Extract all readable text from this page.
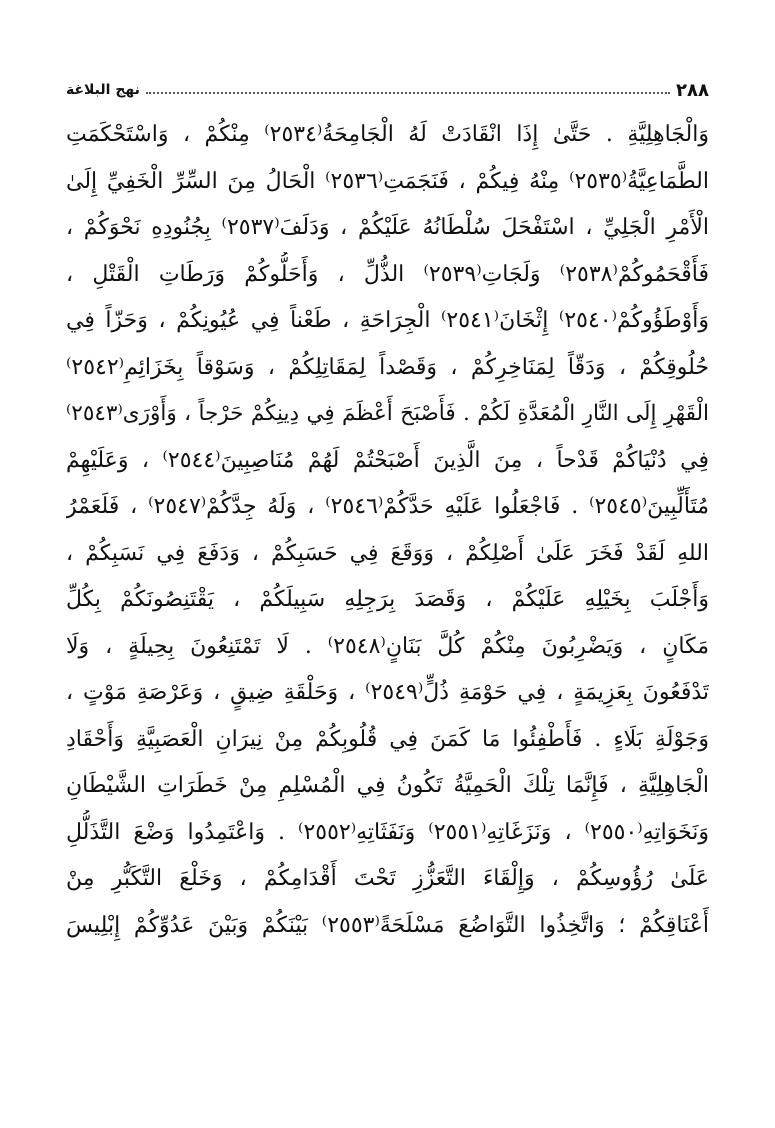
نهج البلاغة	٢٨٨
وَالْجَاهِلِيَّةِ . حَتَّىٰ إِذَا انْقَادَتْ لَهُ الْجَامِحَةُ⁽٢٥٣٤⁾ مِنْكُمْ ، وَاسْتَحْكَمَتِ
الطَّمَاعِيَّةُ⁽٢٥٣٥⁾ مِنْهُ فِيكُمْ ، فَنَجَمَتِ⁽٢٥٣٦⁾ الْحَالُ مِنَ السِّرِّ الْخَفِيِّ إِلَىٰ
الْأَمْرِ الْجَلِيِّ ، اسْتَفْحَلَ سُلْطَانُهُ عَلَيْكُمْ ، وَدَلَفَ⁽٢٥٣٧⁾ بِجُنُودِهِ نَحْوَكُمْ ،
فَأَقْحَمُوكُمْ⁽٢٥٣٨⁾ وَلَجَاتِ⁽٢٥٣٩⁾ الذُّلِّ ، وَأَحَلُّوكُمْ وَرَطَاتِ الْقَتْلِ ،
وَأَوْطَؤُوكُمْ⁽٢٥٤٠⁾ إِثْخَانَ⁽٢٥٤١⁾ الْجِرَاحَةِ ، طَعْناً فِي عُيُونِكُمْ ، وَحَزّاً فِي
حُلُوقِكُمْ ، وَدَقّاً لِمَنَاخِرِكُمْ ، وَقَصْداً لِمَقَاتِلِكُمْ ، وَسَوْقاً بِخَزَائِمِ⁽٢٥٤٢⁾
الْقَهْرِ إِلَى النَّارِ الْمُعَدَّةِ لَكُمْ . فَأَصْبَحَ أَعْظَمَ فِي دِينِكُمْ حَرْجاً ، وَأَوْرَى⁽٢٥٤٣⁾
فِي دُنْيَاكُمْ قَدْحاً ، مِنَ الَّذِينَ أَصْبَحْتُمْ لَهُمْ مُنَاصِبِينَ⁽٢٥٤٤⁾ ، وَعَلَيْهِمْ
مُتَأَلِّبِينَ⁽٢٥٤٥⁾ . فَاجْعَلُوا عَلَيْهِ حَدَّكُمْ⁽٢٥٤٦⁾ ، وَلَهُ جِدَّكُمْ⁽٢٥٤٧⁾ ، فَلَعَمْرُ
اللهِ لَقَدْ فَخَرَ عَلَىٰ أَصْلِكُمْ ، وَوَقَعَ فِي حَسَبِكُمْ ، وَدَفَعَ فِي نَسَبِكُمْ ،
وَأَجْلَبَ بِخَيْلِهِ عَلَيْكُمْ ، وَقَصَدَ بِرَجِلِهِ سَبِيلَكُمْ ، يَقْتَنِصُونَكُمْ بِكُلِّ
مَكَانٍ ، وَيَضْرِبُونَ مِنْكُمْ كُلَّ بَنَانٍ⁽٢٥٤٨⁾ . لَا تَمْتَنِعُونَ بِحِيلَةٍ ، وَلَا
تَدْفَعُونَ بِعَزِيمَةٍ ، فِي حَوْمَةِ ذُلٍّ⁽٢٥٤٩⁾ ، وَحَلْقَةِ ضِيقٍ ، وَعَرْصَةِ مَوْتٍ ،
وَجَوْلَةِ بَلَاءٍ . فَأَطْفِئُوا مَا كَمَنَ فِي قُلُوبِكُمْ مِنْ نِيرَانِ الْعَصَبِيَّةِ وَأَحْقَادِ
الْجَاهِلِيَّةِ ، فَإِنَّمَا تِلْكَ الْحَمِيَّةُ تَكُونُ فِي الْمُسْلِمِ مِنْ خَطَرَاتِ الشَّيْطَانِ
وَنَخَوَاتِهِ⁽٢٥٥٠⁾ ، وَنَزَغَاتِهِ⁽٢٥٥١⁾ وَنَفَثَاتِهِ⁽٢٥٥٢⁾ . وَاعْتَمِدُوا وَضْعَ التَّذَلُّلِ
عَلَىٰ رُؤُوسِكُمْ ، وَإِلْقَاءَ التَّعَزُّزِ تَحْتَ أَقْدَامِكُمْ ، وَخَلْعَ التَّكَبُّرِ مِنْ
أَعْنَاقِكُمْ ؛ وَاتَّخِذُوا التَّوَاضُعَ مَسْلَحَةً⁽٢٥٥٣⁾ بَيْنَكُمْ وَبَيْنَ عَدُوِّكُمْ إِبْلِيسَ
